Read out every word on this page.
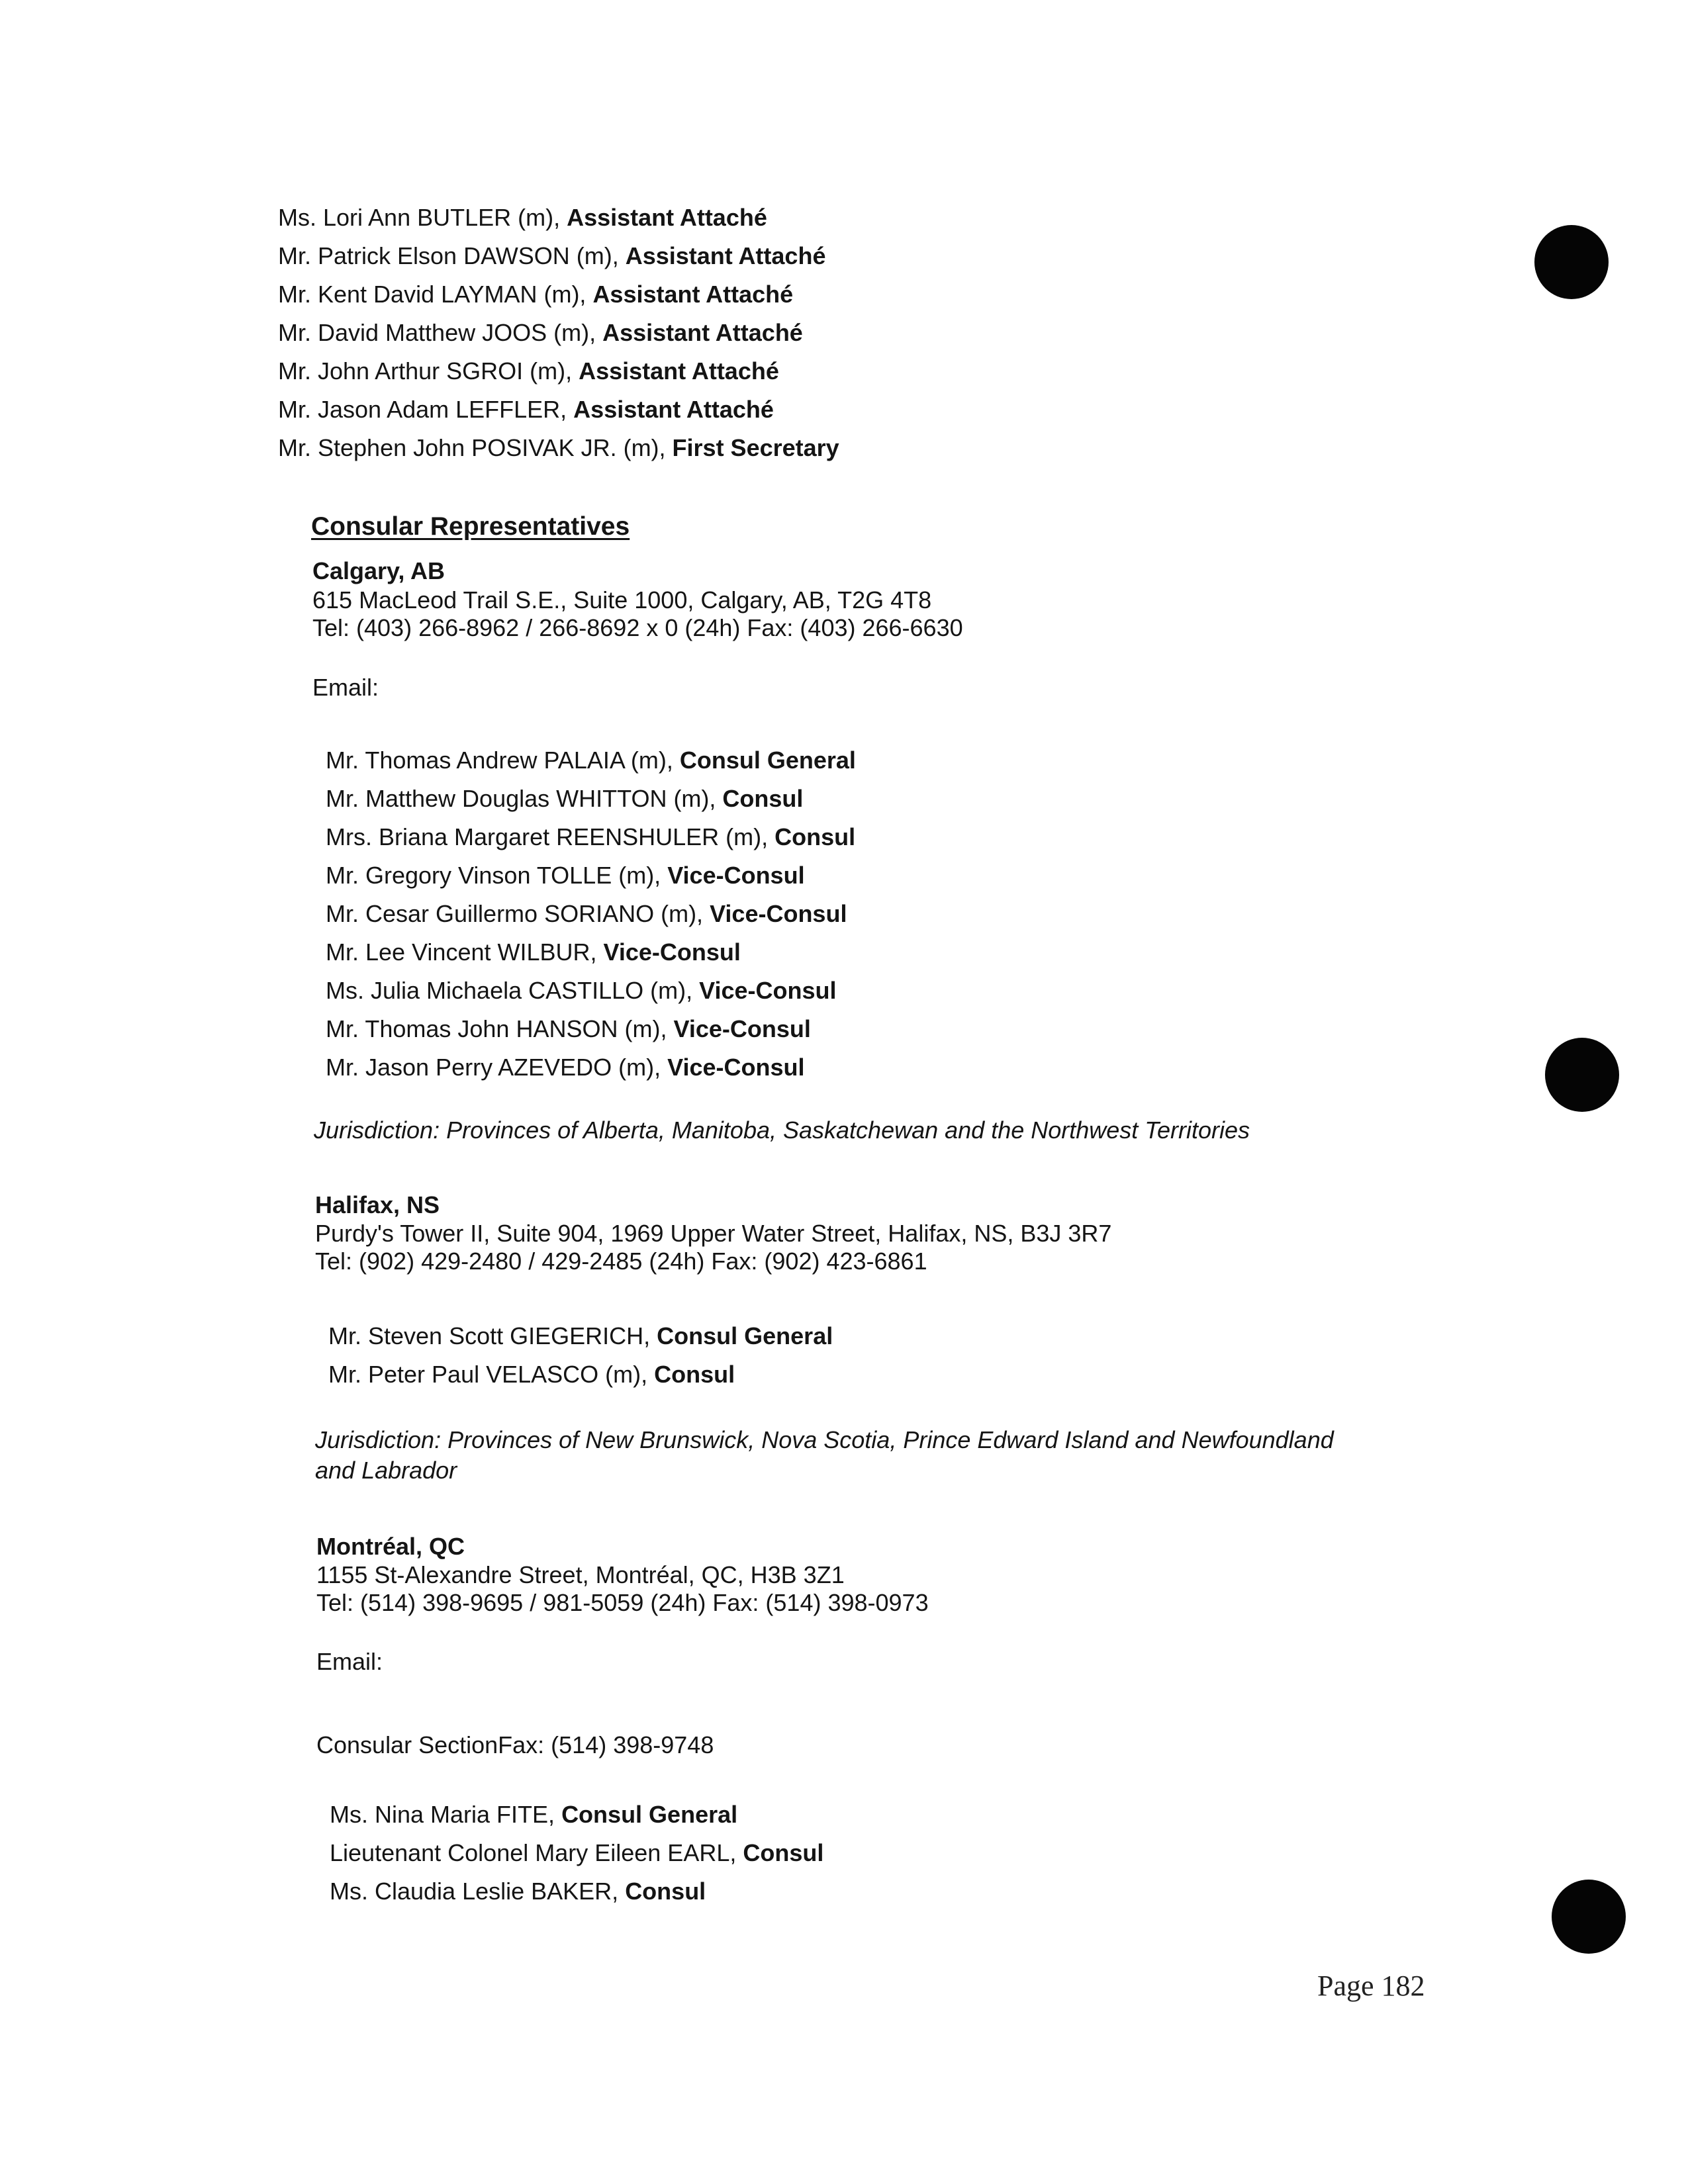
Ms. Lori Ann BUTLER (m), Assistant Attaché
Mr. Patrick Elson DAWSON (m), Assistant Attaché
Mr. Kent David LAYMAN (m), Assistant Attaché
Mr. David Matthew JOOS (m), Assistant Attaché
Mr. John Arthur SGROI (m), Assistant Attaché
Mr. Jason Adam LEFFLER, Assistant Attaché
Mr. Stephen John POSIVAK JR. (m), First Secretary
Consular Representatives
Calgary, AB
615 MacLeod Trail S.E., Suite 1000, Calgary, AB, T2G 4T8
Tel: (403) 266-8962 / 266-8692 x 0 (24h) Fax: (403) 266-6630
Email:
Mr. Thomas Andrew PALAIA (m), Consul General
Mr. Matthew Douglas WHITTON (m), Consul
Mrs. Briana Margaret REENSHULER (m), Consul
Mr. Gregory Vinson TOLLE (m), Vice-Consul
Mr. Cesar Guillermo SORIANO (m), Vice-Consul
Mr. Lee Vincent WILBUR, Vice-Consul
Ms. Julia Michaela CASTILLO (m), Vice-Consul
Mr. Thomas John HANSON (m), Vice-Consul
Mr. Jason Perry AZEVEDO (m), Vice-Consul
Jurisdiction: Provinces of Alberta, Manitoba, Saskatchewan and the Northwest Territories
Halifax, NS
Purdy's Tower II, Suite 904, 1969 Upper Water Street, Halifax, NS, B3J 3R7
Tel: (902) 429-2480 / 429-2485 (24h) Fax: (902) 423-6861
Mr. Steven Scott GIEGERICH, Consul General
Mr. Peter Paul VELASCO (m), Consul
Jurisdiction: Provinces of New Brunswick, Nova Scotia, Prince Edward Island and Newfoundland and Labrador
Montréal, QC
1155 St-Alexandre Street, Montréal, QC, H3B 3Z1
Tel: (514) 398-9695 / 981-5059 (24h) Fax: (514) 398-0973
Email:
Consular SectionFax: (514) 398-9748
Ms. Nina Maria FITE, Consul General
Lieutenant Colonel Mary Eileen EARL, Consul
Ms. Claudia Leslie BAKER, Consul
Page 182
